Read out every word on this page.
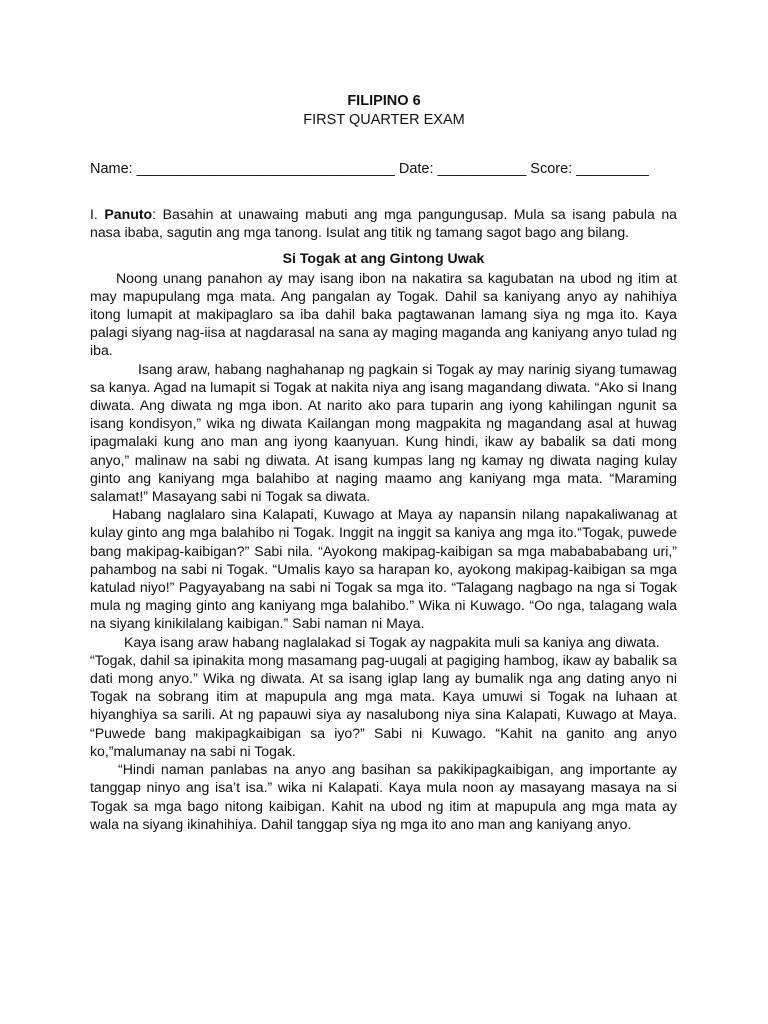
FILIPINO 6
FIRST QUARTER EXAM
Name: ________________________________ Date: ___________ Score: _________

I. Panuto: Basahin at unawaing mabuti ang mga pangungusap. Mula sa isang pabula na nasa ibaba, sagutin ang mga tanong. Isulat ang titik ng tamang sagot bago ang bilang.

Si Togak at ang Gintong Uwak

Noong unang panahon ay may isang ibon na nakatira sa kagubatan na ubod ng itim at may mapupulang mga mata. Ang pangalan ay Togak. Dahil sa kaniyang anyo ay nahihiya itong lumapit at makipaglaro sa iba dahil baka pagtawanan lamang siya ng mga ito. Kaya palagi siyang nag-iisa at nagdarasal na sana ay maging maganda ang kaniyang anyo tulad ng iba.

Isang araw, habang naghahanap ng pagkain si Togak ay may narinig siyang tumawag sa kanya. Agad na lumapit si Togak at nakita niya ang isang magandang diwata. “Ako si Inang diwata. Ang diwata ng mga ibon. At narito ako para tuparin ang iyong kahilingan ngunit sa isang kondisyon,” wika ng diwata Kailangan mong magpakita ng magandang asal at huwag ipagmalaki kung ano man ang iyong kaanyuan. Kung hindi, ikaw ay babalik sa dati mong anyo,” malinaw na sabi ng diwata. At isang kumpas lang ng kamay ng diwata naging kulay ginto ang kaniyang mga balahibo at naging maamo ang kaniyang mga mata. “Maraming salamat!” Masayang sabi ni Togak sa diwata.

Habang naglalaro sina Kalapati, Kuwago at Maya ay napansin nilang napakaliwanag at kulay ginto ang mga balahibo ni Togak. Inggit na inggit sa kaniya ang mga ito.“Togak, puwede bang makipag-kaibigan?” Sabi nila. “Ayokong makipag-kaibigan sa mga mababababang uri,” pahambog na sabi ni Togak. “Umalis kayo sa harapan ko, ayokong makipag-kaibigan sa mga katulad niyo!” Pagyayabang na sabi ni Togak sa mga ito. “Talagang nagbago na nga si Togak mula ng maging ginto ang kaniyang mga balahibo.” Wika ni Kuwago. “Oo nga, talagang wala na siyang kinikilalang kaibigan.” Sabi naman ni Maya.

Kaya isang araw habang naglalakad si Togak ay nagpakita muli sa kaniya ang diwata.

“Togak, dahil sa ipinakita mong masamang pag-uugali at pagiging hambog, ikaw ay babalik sa dati mong anyo.” Wika ng diwata. At sa isang iglap lang ay bumalik nga ang dating anyo ni Togak na sobrang itim at mapupula ang mga mata. Kaya umuwi si Togak na luhaan at hiyanghiya sa sarili. At ng papauwi siya ay nasalubong niya sina Kalapati, Kuwago at Maya. “Puwede bang makipagkaibigan sa iyo?” Sabi ni Kuwago. “Kahit na ganito ang anyo ko,”malumanay na sabi ni Togak.

“Hindi naman panlabas na anyo ang basihan sa pakikipagkaibigan, ang importante ay tanggap ninyo ang isa’t isa.” wika ni Kalapati. Kaya mula noon ay masayang masaya na si Togak sa mga bago nitong kaibigan. Kahit na ubod ng itim at mapupula ang mga mata ay wala na siyang ikinahihiya. Dahil tanggap siya ng mga ito ano man ang kaniyang anyo.
